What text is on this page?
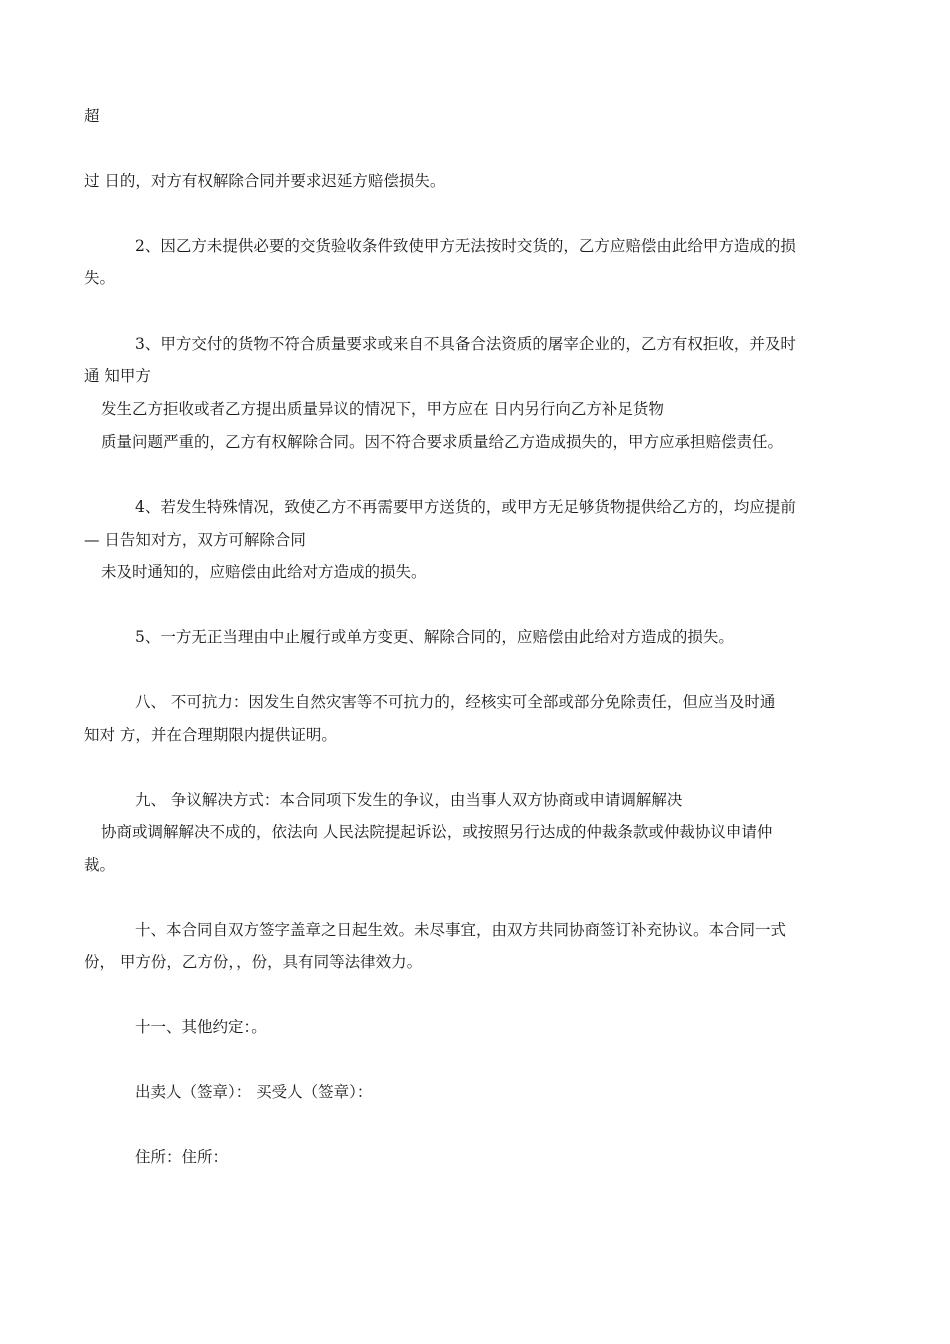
超
过 日的，对方有权解除合同并要求迟延方赔偿损失。
2、因乙方未提供必要的交货验收条件致使甲方无法按时交货的，乙方应赔偿由此给甲方造成的损
失。
3、甲方交付的货物不符合质量要求或来自不具备合法资质的屠宰企业的，乙方有权拒收，并及时
通 知甲方
发生乙方拒收或者乙方提出质量异议的情况下，甲方应在 日内另行向乙方补足货物
质量问题严重的，乙方有权解除合同。因不符合要求质量给乙方造成损失的，甲方应承担赔偿责任。
4、若发生特殊情况，致使乙方不再需要甲方送货的，或甲方无足够货物提供给乙方的，均应提前
— 日告知对方，双方可解除合同
未及时通知的，应赔偿由此给对方造成的损失。
5、一方无正当理由中止履行或单方变更、解除合同的，应赔偿由此给对方造成的损失。
八、 不可抗力：因发生自然灾害等不可抗力的，经核实可全部或部分免除责任，但应当及时通
知对 方，并在合理期限内提供证明。
九、 争议解决方式：本合同项下发生的争议，由当事人双方协商或申请调解解决
协商或调解解决不成的，依法向 人民法院提起诉讼，或按照另行达成的仲裁条款或仲裁协议申请仲
裁。
十、本合同自双方签字盖章之日起生效。未尽事宜，由双方共同协商签订补充协议。本合同一式
份， 甲方份，乙方份，，份，具有同等法律效力。
十一、其他约定：。
出卖人（签章）： 买受人（签章）：
住所：住所：
